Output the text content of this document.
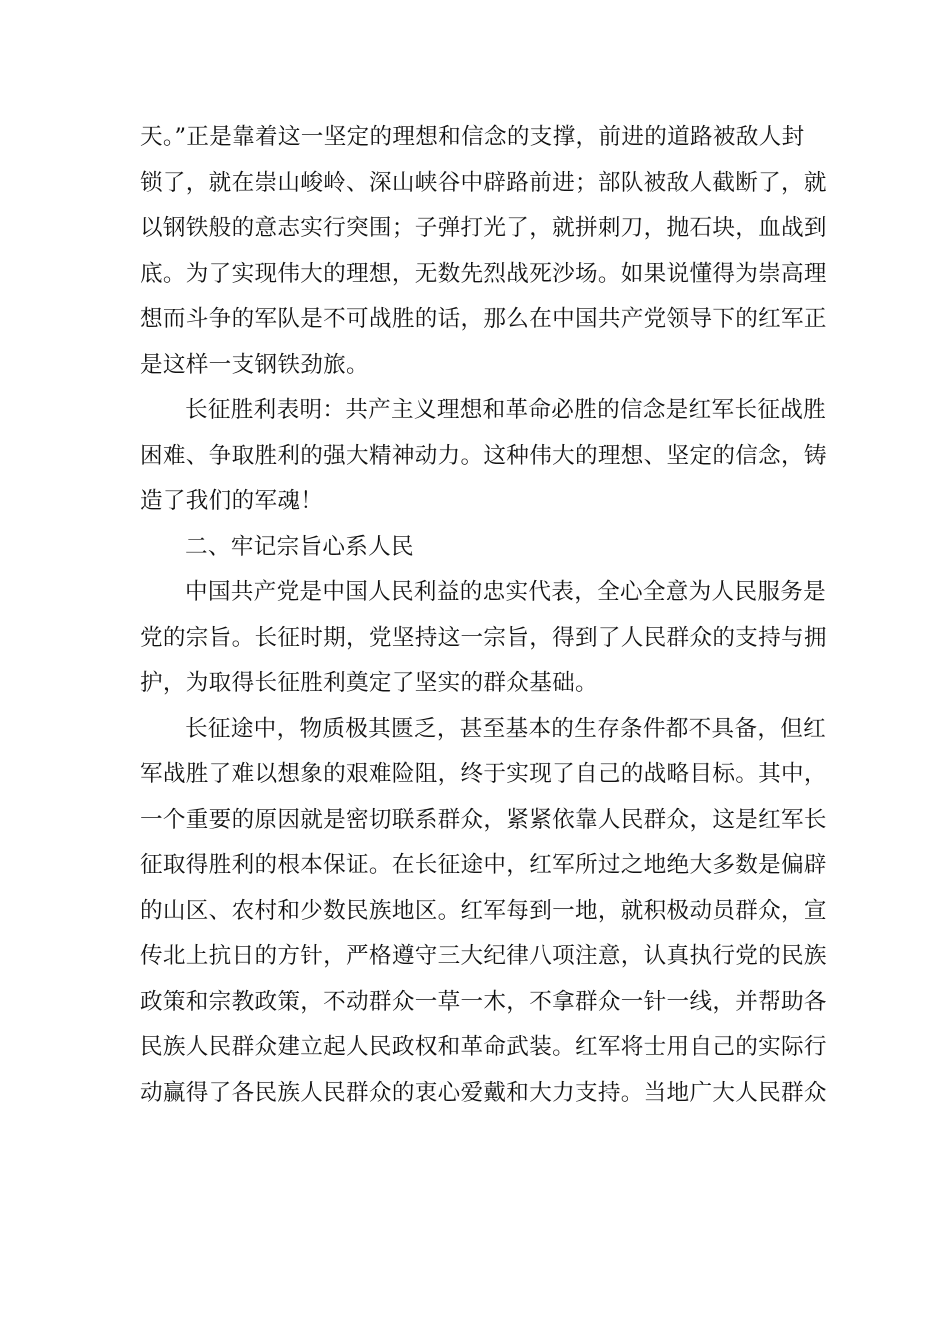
天。”正是靠着这一坚定的理想和信念的支撑，前进的道路被敌人封
锁了，就在崇山峻岭、深山峡谷中辟路前进；部队被敌人截断了，就
以钢铁般的意志实行突围；子弹打光了，就拼刺刀，抛石块，血战到
底。为了实现伟大的理想，无数先烈战死沙场。如果说懂得为崇高理
想而斗争的军队是不可战胜的话，那么在中国共产党领导下的红军正
是这样一支钢铁劲旅。
长征胜利表明：共产主义理想和革命必胜的信念是红军长征战胜
困难、争取胜利的强大精神动力。这种伟大的理想、坚定的信念，铸
造了我们的军魂！
二、牢记宗旨心系人民
中国共产党是中国人民利益的忠实代表，全心全意为人民服务是
党的宗旨。长征时期，党坚持这一宗旨，得到了人民群众的支持与拥
护，为取得长征胜利奠定了坚实的群众基础。
长征途中，物质极其匮乏，甚至基本的生存条件都不具备，但红
军战胜了难以想象的艰难险阻，终于实现了自己的战略目标。其中，
一个重要的原因就是密切联系群众，紧紧依靠人民群众，这是红军长
征取得胜利的根本保证。在长征途中，红军所过之地绝大多数是偏辟
的山区、农村和少数民族地区。红军每到一地，就积极动员群众，宣
传北上抗日的方针，严格遵守三大纪律八项注意，认真执行党的民族
政策和宗教政策，不动群众一草一木，不拿群众一针一线，并帮助各
民族人民群众建立起人民政权和革命武装。红军将士用自己的实际行
动赢得了各民族人民群众的衷心爱戴和大力支持。当地广大人民群众
